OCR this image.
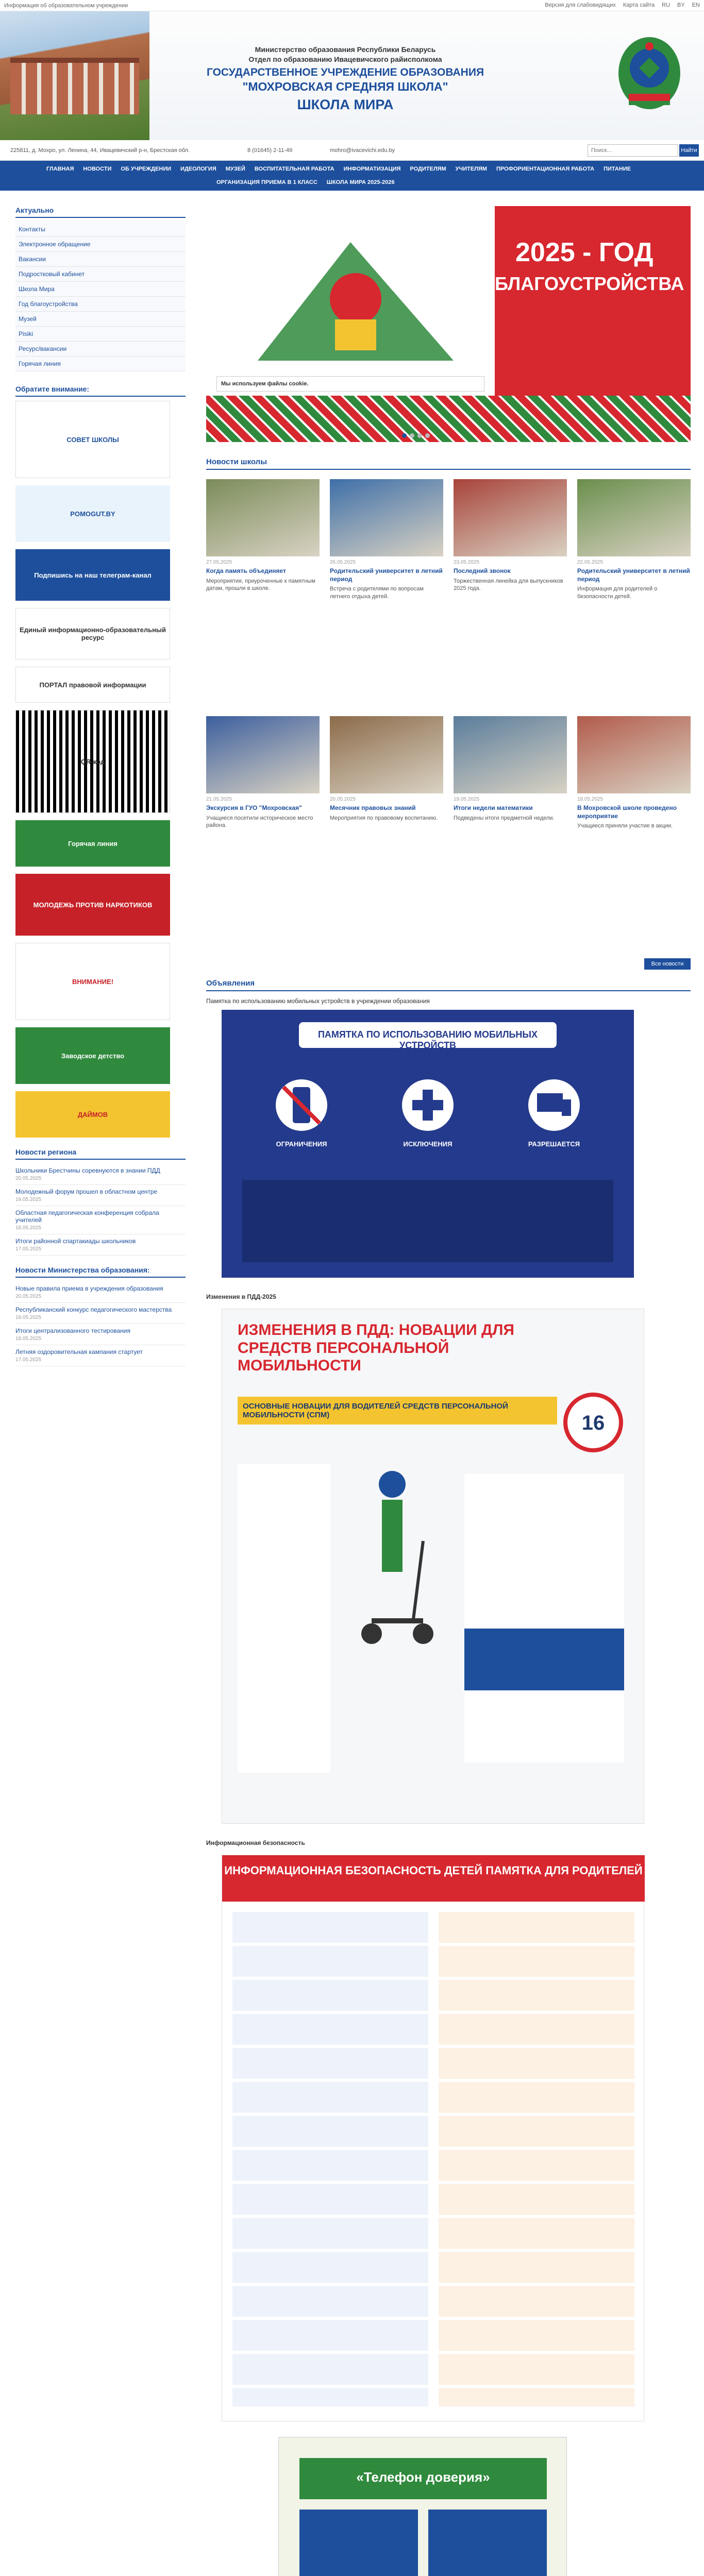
Информация об образовательном учреждении	Версия для слабовидящих Карта сайта RU BY EN
Министерство образования Республики Беларусь
Отдел по образованию Ивацевичского райисполкома
ГОСУДАРСТВЕННОЕ УЧРЕЖДЕНИЕ ОБРАЗОВАНИЯ
"МОХРОВСКАЯ СРЕДНЯЯ ШКОЛА"
ШКОЛА МИРА
225811, д. Мохро, ул. Ленина, 44, Ивацевичский р-н, Брестская обл.	8 (01645) 2-11-49	mohro@ivacevichi.edu.by
Поиск...	Найти
ГЛАВНАЯ НОВОСТИ ОБ УЧРЕЖДЕНИИ ИДЕОЛОГИЯ МУЗЕЙ ВОСПИТАТЕЛЬНАЯ РАБОТА ИНФОРМАТИЗАЦИЯ РОДИТЕЛЯМ УЧИТЕЛЯМ ПРОФОРИЕНТАЦИОННАЯ РАБОТА ПИТАНИЕ
ОРГАНИЗАЦИЯ ПРИЕМА В 1 КЛАСС ШКОЛА МИРА 2025-2026
Актуально
Контакты
Электронное обращение
Вакансии
Подростковый кабинет
Школа Мира
Год благоустройства
Музей
Pisiki
Ресурс/вакансии
Горячая линия
Обратите внимание:
СОВЕТ ШКОЛЫ
POMOGUT.BY
Подпишись на наш телеграм-канал
Единый информационно-образовательный ресурс
ПОРТАЛ правовой информации
QR-код
Горячая линия
МОЛОДЕЖЬ ПРОТИВ НАРКОТИКОВ
ВНИМАНИЕ!
Заводское детство
ДАЙМОВ
Новости региона
Школьники Брестчины соревнуются в знании ПДД
20.05.2025
Молодежный форум прошел в областном центре
19.05.2025
Областная педагогическая конференция собрала учителей
18.05.2025
Итоги районной спартакиады школьников
17.05.2025
Новости Министерства образования:
Новые правила приема в учреждения образования
20.05.2025
Республиканский конкурс педагогического мастерства
19.05.2025
Итоги централизованного тестирования
18.05.2025
Летняя оздоровительная кампания стартует
17.05.2025
2025 - ГОД
БЛАГОУСТРОЙСТВА
Мы используем файлы cookie.
Новости школы
27.05.2025
Когда память объединяет
Мероприятия, приуроченные к памятным датам, прошли в школе.
26.05.2025
Родительский университет в летний период
Встреча с родителями по вопросам летнего отдыха детей.
23.05.2025
Последний звонок
Торжественная линейка для выпускников 2025 года.
22.05.2025
Родительский университет в летний период
Информация для родителей о безопасности детей.
21.05.2025
Экскурсия в ГУО "Мохровская"
Учащиеся посетили историческое место района.
20.05.2025
Месячник правовых знаний
Мероприятия по правовому воспитанию.
19.05.2025
Итоги недели математики
Подведены итоги предметной недели.
18.05.2025
В Мохровской школе проведено мероприятие
Учащиеся приняли участие в акции.
Все новости
Объявления
Памятка по использованию мобильных устройств в учреждении образования
ПАМЯТКА ПО ИСПОЛЬЗОВАНИЮ МОБИЛЬНЫХ УСТРОЙСТВ
ОГРАНИЧЕНИЯ	ИСКЛЮЧЕНИЯ	РАЗРЕШАЕТСЯ
Изменения в ПДД-2025
ИЗМЕНЕНИЯ В ПДД: НОВАЦИИ ДЛЯ СРЕДСТВ ПЕРСОНАЛЬНОЙ МОБИЛЬНОСТИ
ОСНОВНЫЕ НОВАЦИИ ДЛЯ ВОДИТЕЛЕЙ СРЕДСТВ ПЕРСОНАЛЬНОЙ МОБИЛЬНОСТИ (СПМ)	16
Информационная безопасность
ИНФОРМАЦИОННАЯ БЕЗОПАСНОСТЬ ДЕТЕЙ ПАМЯТКА ДЛЯ РОДИТЕЛЕЙ
«Телефон доверия»
